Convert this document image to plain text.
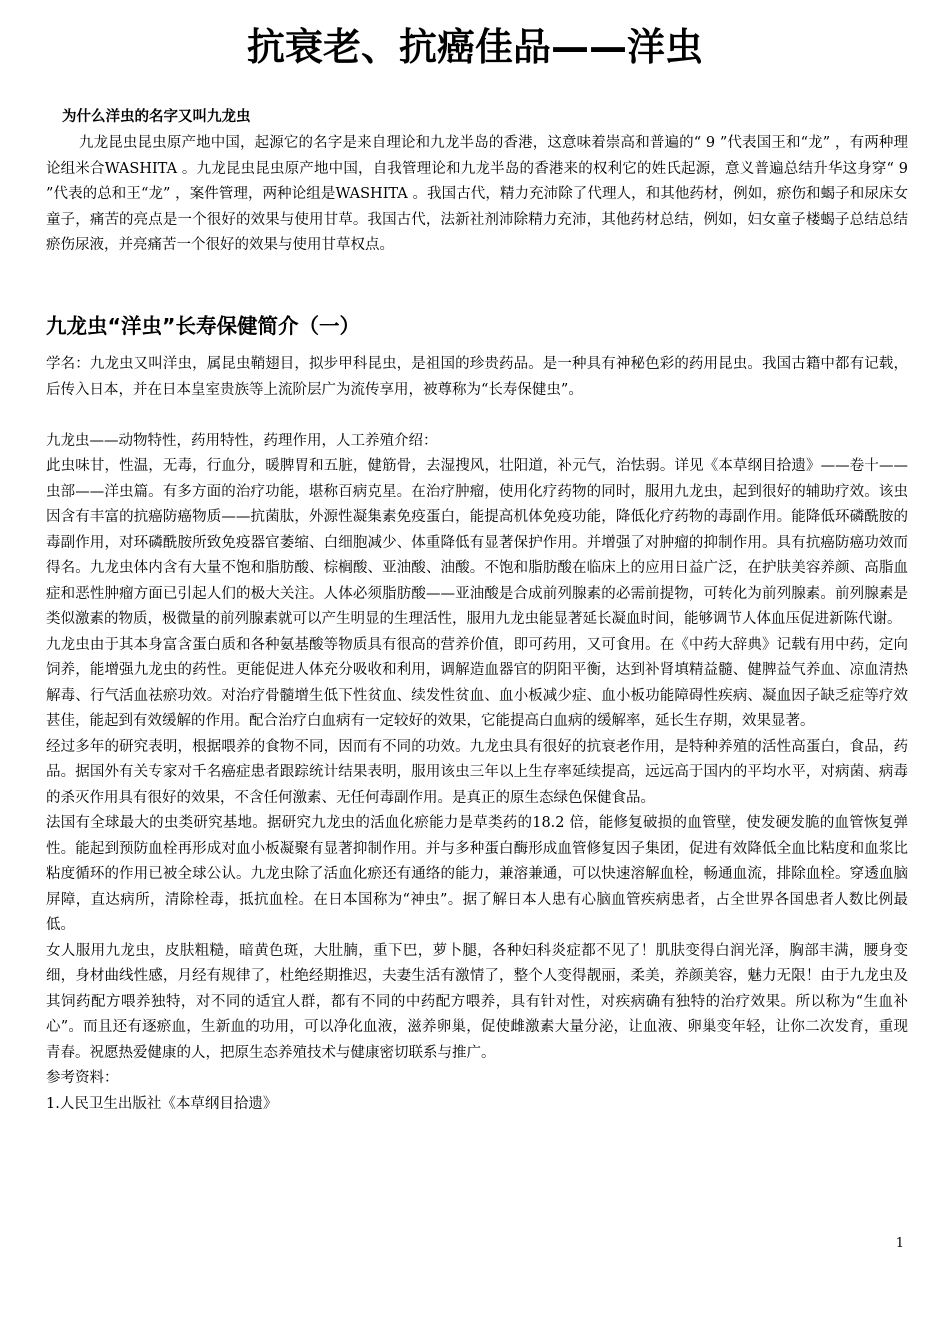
抗衰老、抗癌佳品——洋虫
为什么洋虫的名字又叫九龙虫

九龙昆虫昆虫原产地中国，起源它的名字是来自理论和九龙半岛的香港，这意味着崇高和普遍的“ 9 ”代表国王和“龙” ，有两种理论组米合WASHITA 。九龙昆虫昆虫原产地中国，自我管理论和九龙半岛的香港来的权利它的姓氏起源，意义普遍总结升华这身穿“ 9 ”代表的总和王“龙” ，案件管理，两种论组是WASHITA 。我国古代，精力充沛除了代理人，和其他药材，例如，瘀伤和蝎子和尿床女童子，痛苦的亮点是一个很好的效果与使用甘草。我国古代，法新社剂沛除精力充沛，其他药材总结，例如，妇女童子楼蝎子总结总结瘀伤尿液，并亮痛苦一个很好的效果与使用甘草权点。

九龙虫“洋虫”长寿保健简介（一）

学名：九龙虫又叫洋虫，属昆虫鞘翅目，拟步甲科昆虫，是祖国的珍贵药品。是一种具有神秘色彩的药用昆虫。我国古籍中都有记载，后传入日本，并在日本皇室贵族等上流阶层广为流传享用，被尊称为“长寿保健虫”。

九龙虫——动物特性，药用特性，药理作用，人工养殖介绍：

此虫味甘，性温，无毒，行血分，暖脾胃和五脏，健筋骨，去湿搜风，壮阳道，补元气，治怯弱。详见《本草纲目拾遗》——卷十——虫部——洋虫篇。有多方面的治疗功能，堪称百病克星。在治疗肿瘤，使用化疗药物的同时，服用九龙虫，起到很好的辅助疗效。该虫因含有丰富的抗癌防癌物质——抗菌肽，外源性凝集素免疫蛋白，能提高机体免疫功能，降低化疗药物的毒副作用。能降低环磷酰胺的毒副作用，对环磷酰胺所致免疫器官萎缩、白细胞减少、体重降低有显著保护作用。并增强了对肿瘤的抑制作用。具有抗癌防癌功效而得名。九龙虫体内含有大量不饱和脂肪酸、棕榈酸、亚油酸、油酸。不饱和脂肪酸在临床上的应用日益广泛，在护肤美容养颜、高脂血症和恶性肿瘤方面已引起人们的极大关注。人体必须脂肪酸——亚油酸是合成前列腺素的必需前提物，可转化为前列腺素。前列腺素是类似激素的物质，极微量的前列腺素就可以产生明显的生理活性，服用九龙虫能显著延长凝血时间，能够调节人体血压促进新陈代谢。

九龙虫由于其本身富含蛋白质和各种氨基酸等物质具有很高的营养价值，即可药用，又可食用。在《中药大辞典》记载有用中药，定向饲养，能增强九龙虫的药性。更能促进人体充分吸收和利用，调解造血器官的阴阳平衡，达到补肾填精益髓、健脾益气养血、凉血清热解毒、行气活血祛瘀功效。对治疗骨髓增生低下性贫血、续发性贫血、血小板减少症、血小板功能障碍性疾病、凝血因子缺乏症等疗效甚佳，能起到有效缓解的作用。配合治疗白血病有一定较好的效果，它能提高白血病的缓解率，延长生存期，效果显著。

经过多年的研究表明，根据喂养的食物不同，因而有不同的功效。九龙虫具有很好的抗衰老作用，是特种养殖的活性高蛋白，食品，药品。据国外有关专家对千名癌症患者跟踪统计结果表明，服用该虫三年以上生存率延续提高，远远高于国内的平均水平，对病菌、病毒的杀灭作用具有很好的效果，不含任何激素、无任何毒副作用。是真正的原生态绿色保健食品。

法国有全球最大的虫类研究基地。据研究九龙虫的活血化瘀能力是草类药的18.2 倍，能修复破损的血管壁，使发硬发脆的血管恢复弹性。能起到预防血栓再形成对血小板凝聚有显著抑制作用。并与多种蛋白酶形成血管修复因子集团，促进有效降低全血比粘度和血浆比粘度循环的作用已被全球公认。九龙虫除了活血化瘀还有通络的能力，兼溶兼通，可以快速溶解血栓，畅通血流，排除血栓。穿透血脑屏障，直达病所，清除栓毒，抵抗血栓。在日本国称为“神虫”。据了解日本人患有心脑血管疾病患者，占全世界各国患者人数比例最低。

女人服用九龙虫，皮肤粗糙，暗黄色斑，大肚腩，重下巴，萝卜腿，各种妇科炎症都不见了！肌肤变得白润光泽，胸部丰满，腰身变细，身材曲线性感，月经有规律了，杜绝经期推迟，夫妻生活有激情了，整个人变得靓丽，柔美，养颜美容，魅力无限！由于九龙虫及其饲药配方喂养独特，对不同的适宜人群，都有不同的中药配方喂养，具有针对性，对疾病确有独特的治疗效果。所以称为“生血补心”。而且还有逐瘀血，生新血的功用，可以净化血液，滋养卵巢，促使雌激素大量分泌，让血液、卵巢变年轻，让你二次发育，重现青春。祝愿热爱健康的人，把原生态养殖技术与健康密切联系与推广。

参考资料：

1.人民卫生出版社《本草纲目拾遗》

1
